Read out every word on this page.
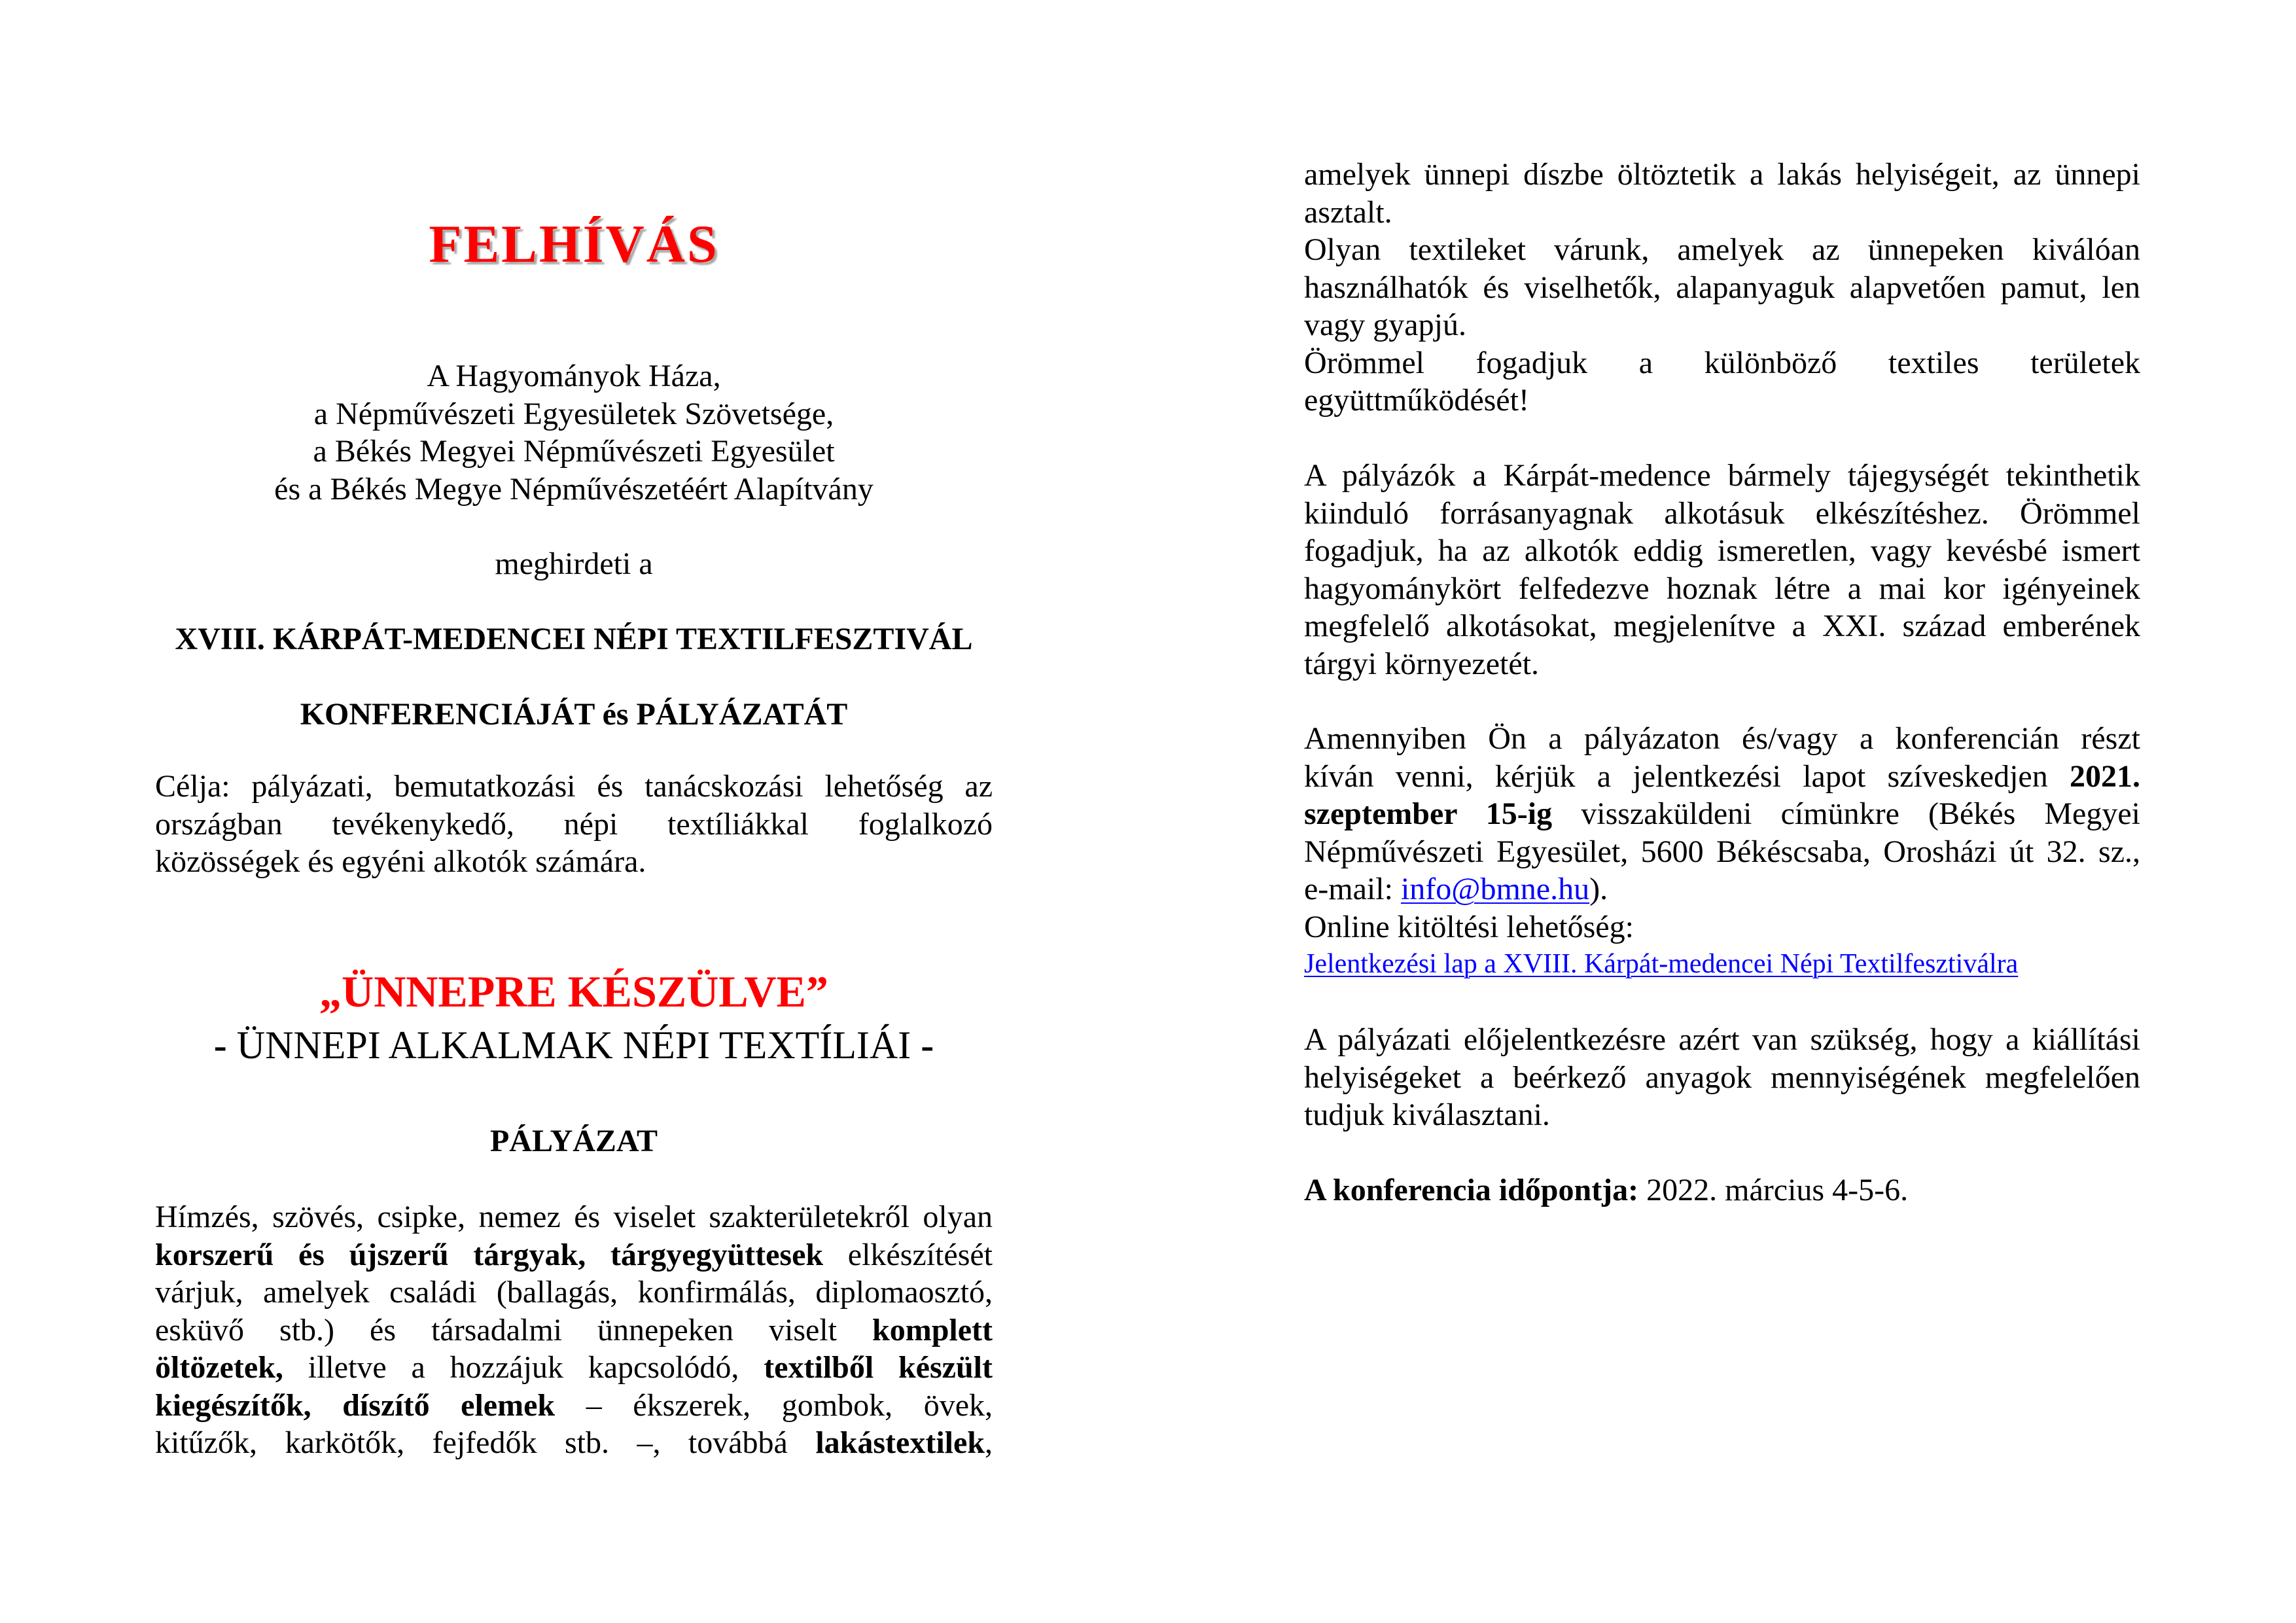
FELHÍVÁS
A Hagyományok Háza,
a Népművészeti Egyesületek Szövetsége,
a Békés Megyei Népművészeti Egyesület
és a Békés Megye Népművészetéért Alapítvány
meghirdeti a
XVIII. KÁRPÁT-MEDENCEI NÉPI TEXTILFESZTIVÁL
KONFERENCIÁJÁT és PÁLYÁZATÁT
Célja: pályázati, bemutatkozási és tanácskozási lehetőség az
országban tevékenykedő, népi textíliákkal foglalkozó
közösségek és egyéni alkotók számára.
„ÜNNEPRE KÉSZÜLVE”
- ÜNNEPI ALKALMAK NÉPI TEXTÍLIÁI -
PÁLYÁZAT
Hímzés, szövés, csipke, nemez és viselet szakterületekről olyan
korszerű és újszerű tárgyak, tárgyegyüttesek elkészítését
várjuk, amelyek családi (ballagás, konfirmálás, diplomaosztó,
esküvő stb.) és társadalmi ünnepeken viselt komplett
öltözetek, illetve a hozzájuk kapcsolódó, textilből készült
kiegészítők, díszítő elemek – ékszerek, gombok, övek,
kitűzők, karkötők, fejfedők stb. –, továbbá lakástextilek,
amelyek ünnepi díszbe öltöztetik a lakás helyiségeit, az ünnepi
asztalt.
Olyan textileket várunk, amelyek az ünnepeken kiválóan
használhatók és viselhetők, alapanyaguk alapvetően pamut, len
vagy gyapjú.
Örömmel fogadjuk a különböző textiles területek
együttműködését!
A pályázók a Kárpát-medence bármely tájegységét tekinthetik
kiinduló forrásanyagnak alkotásuk elkészítéshez. Örömmel
fogadjuk, ha az alkotók eddig ismeretlen, vagy kevésbé ismert
hagyománykört felfedezve hoznak létre a mai kor igényeinek
megfelelő alkotásokat, megjelenítve a XXI. század emberének
tárgyi környezetét.
Amennyiben Ön a pályázaton és/vagy a konferencián részt
kíván venni, kérjük a jelentkezési lapot szíveskedjen 2021.
szeptember 15-ig visszaküldeni címünkre (Békés Megyei
Népművészeti Egyesület, 5600 Békéscsaba, Orosházi út 32. sz.,
e-mail: info@bmne.hu).
Online kitöltési lehetőség:
Jelentkezési lap a XVIII. Kárpát-medencei Népi Textilfesztiválra
A pályázati előjelentkezésre azért van szükség, hogy a kiállítási
helyiségeket a beérkező anyagok mennyiségének megfelelően
tudjuk kiválasztani.
A konferencia időpontja: 2022. március 4-5-6.
